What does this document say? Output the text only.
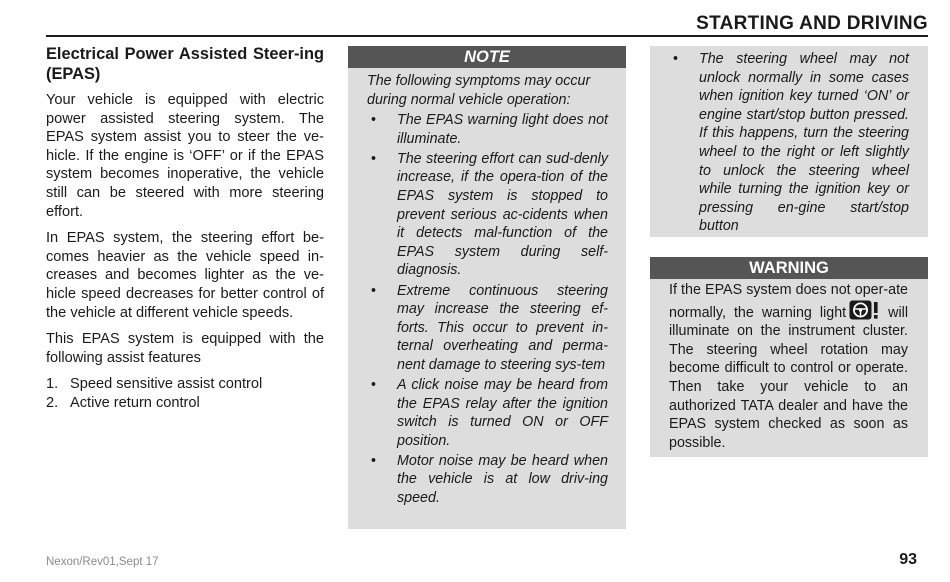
STARTING AND DRIVING
Electrical Power Assisted Steer-ing (EPAS)

Your vehicle is equipped with electric power assisted steering system. The EPAS system assist you to steer the ve-hicle. If the engine is ‘OFF’ or if the EPAS system becomes inoperative, the vehicle still can be steered with more steering effort.

In EPAS system, the steering effort be-comes heavier as the vehicle speed in-creases and becomes lighter as the ve-hicle speed decreases for better control of the vehicle at different vehicle speeds.

This EPAS system is equipped with the following assist features

1. Speed sensitive assist control
2. Active return control
NOTE

The following symptoms may occur during normal vehicle operation:

•	The EPAS warning light does not illuminate.
•	The steering effort can sud-denly increase, if the opera-tion of the EPAS system is stopped to prevent serious ac-cidents when it detects mal-function of the EPAS system during self-diagnosis.
•	Extreme continuous steering may increase the steering ef-forts. This occur to prevent in-ternal overheating and perma-nent damage to steering sys-tem
•	A click noise may be heard from the EPAS relay after the ignition switch is turned ON or OFF position.
•	Motor noise may be heard when the vehicle is at low driv-ing speed.
•	The steering wheel may not unlock normally in some cases when ignition key turned ‘ON’ or engine start/stop button pressed. If this happens, turn the steering wheel to the right or left slightly to unlock the steering wheel while turning the ignition key or pressing en-gine start/stop button
WARNING
If the EPAS system does not oper-ate normally, the warning light	will illuminate on the instrument cluster. The steering wheel rotation may become difficult to control or operate. Then take your vehicle to an authorized TATA dealer and have the EPAS system checked as soon as possible.
Nexon/Rev01,Sept 17	93
